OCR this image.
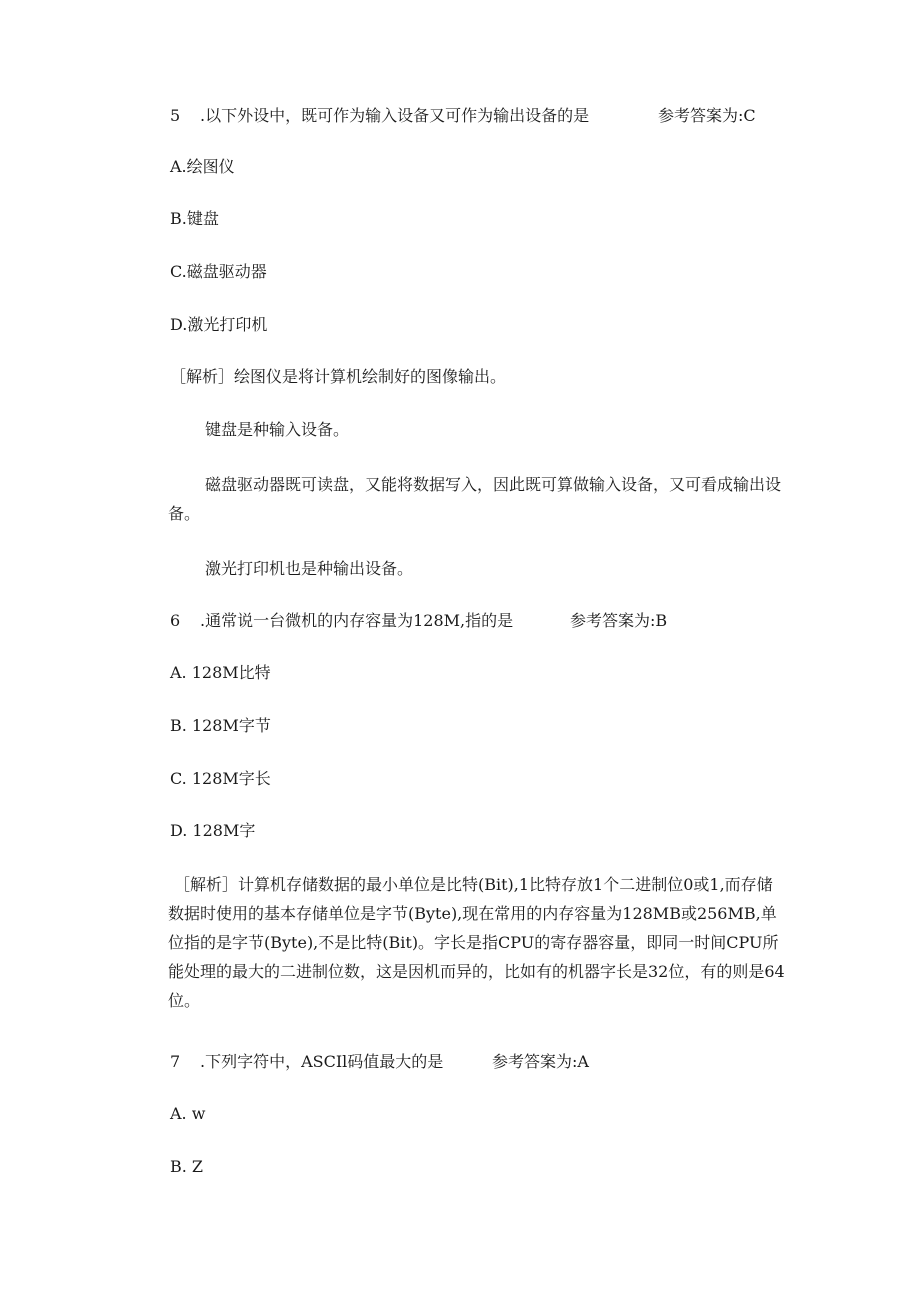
5 .以下外设中，既可作为输入设备又可作为输出设备的是	参考答案为:C
A.绘图仪
B.键盘
C.磁盘驱动器
D.激光打印机
［解析］绘图仪是将计算机绘制好的图像输出。
键盘是种输入设备。
磁盘驱动器既可读盘，又能将数据写入，因此既可算做输入设备，又可看成输出设备。
激光打印机也是种输出设备。
6 .通常说一台微机的内存容量为128M,指的是	参考答案为:B
A. 128M比特
B. 128M字节
C. 128M字长
D. 128M字
［解析］计算机存储数据的最小单位是比特(Bit),1比特存放1个二进制位0或1,而存储数据时使用的基本存储单位是字节(Byte),现在常用的内存容量为128MB或256MB,单位指的是字节(Byte),不是比特(Bit)。字长是指CPU的寄存器容量，即同一时间CPU所能处理的最大的二进制位数，这是因机而异的，比如有的机器字长是32位，有的则是64位。
7 .下列字符中，ASCIl码值最大的是	参考答案为:A
A. w
B. Z
